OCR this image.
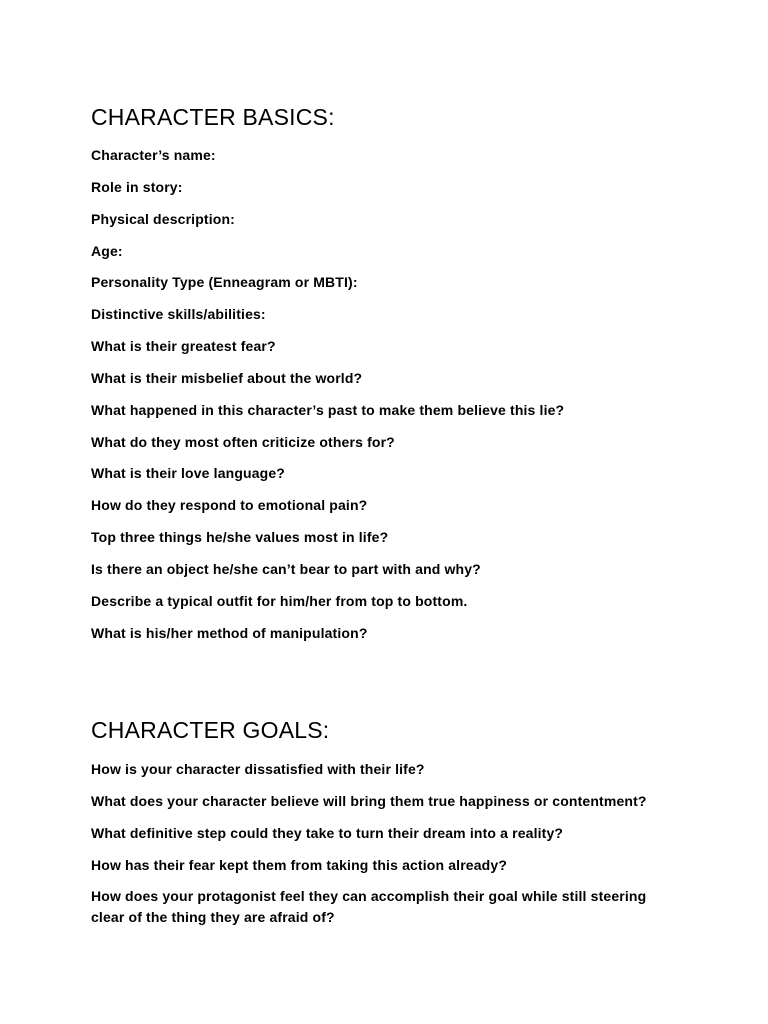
CHARACTER BASICS:
Character’s name:
Role in story:
Physical description:
Age:
Personality Type (Enneagram or MBTI):
Distinctive skills/abilities:
What is their greatest fear?
What is their misbelief about the world?
What happened in this character’s past to make them believe this lie?
What do they most often criticize others for?
What is their love language?
How do they respond to emotional pain?
Top three things he/she values most in life?
Is there an object he/she can’t bear to part with and why?
Describe a typical outfit for him/her from top to bottom.
What is his/her method of manipulation?
CHARACTER GOALS:
How is your character dissatisfied with their life?
What does your character believe will bring them true happiness or contentment?
What definitive step could they take to turn their dream into a reality?
How has their fear kept them from taking this action already?
How does your protagonist feel they can accomplish their goal while still steering clear of the thing they are afraid of?
